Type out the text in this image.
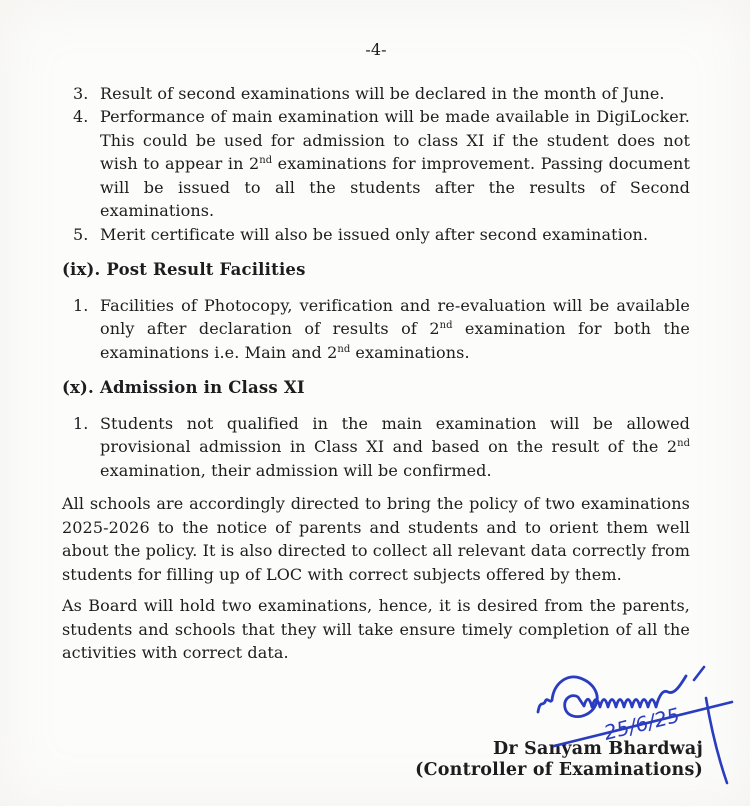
-4-
3. Result of second examinations will be declared in the month of June.
4. Performance of main examination will be made available in DigiLocker. This could be used for admission to class XI if the student does not wish to appear in 2nd examinations for improvement. Passing document will be issued to all the students after the results of Second examinations.
5. Merit certificate will also be issued only after second examination.
(ix). Post Result Facilities
1. Facilities of Photocopy, verification and re-evaluation will be available only after declaration of results of 2nd examination for both the examinations i.e. Main and 2nd examinations.
(x). Admission in Class XI
1. Students not qualified in the main examination will be allowed provisional admission in Class XI and based on the result of the 2nd examination, their admission will be confirmed.

All schools are accordingly directed to bring the policy of two examinations 2025-2026 to the notice of parents and students and to orient them well about the policy. It is also directed to collect all relevant data correctly from students for filling up of LOC with correct subjects offered by them.

As Board will hold two examinations, hence, it is desired from the parents, students and schools that they will take ensure timely completion of all the activities with correct data.

Dr Sanyam Bhardwaj
(Controller of Examinations)
25/6/25
